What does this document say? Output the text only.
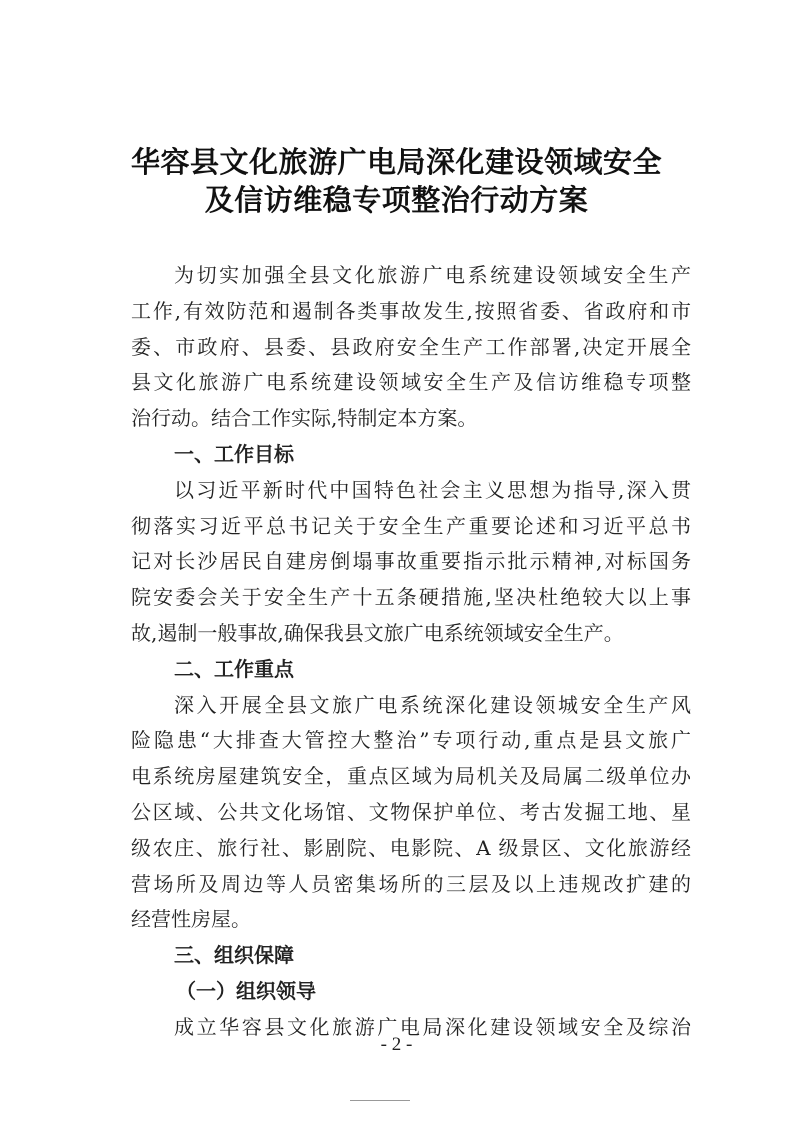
华容县文化旅游广电局深化建设领域安全
及信访维稳专项整治行动方案
为切实加强全县文化旅游广电系统建设领域安全生产
工作,有效防范和遏制各类事故发生,按照省委、省政府和市
委、市政府、县委、县政府安全生产工作部署,决定开展全
县文化旅游广电系统建设领域安全生产及信访维稳专项整
治行动。结合工作实际,特制定本方案。
一、工作目标
以习近平新时代中国特色社会主义思想为指导,深入贯
彻落实习近平总书记关于安全生产重要论述和习近平总书
记对长沙居民自建房倒塌事故重要指示批示精神,对标国务
院安委会关于安全生产十五条硬措施,坚决杜绝较大以上事
故,遏制一般事故,确保我县文旅广电系统领域安全生产。
二、工作重点
深入开展全县文旅广电系统深化建设领城安全生产风
险隐患“大排查大管控大整治”专项行动,重点是县文旅广
电系统房屋建筑安全，重点区域为局机关及局属二级单位办
公区域、公共文化场馆、文物保护单位、考古发掘工地、星
级农庄、旅行社、影剧院、电影院、A 级景区、文化旅游经
营场所及周边等人员密集场所的三层及以上违规改扩建的
经营性房屋。
三、组织保障
（一）组织领导
成立华容县文化旅游广电局深化建设领域安全及综治
- 2 -
